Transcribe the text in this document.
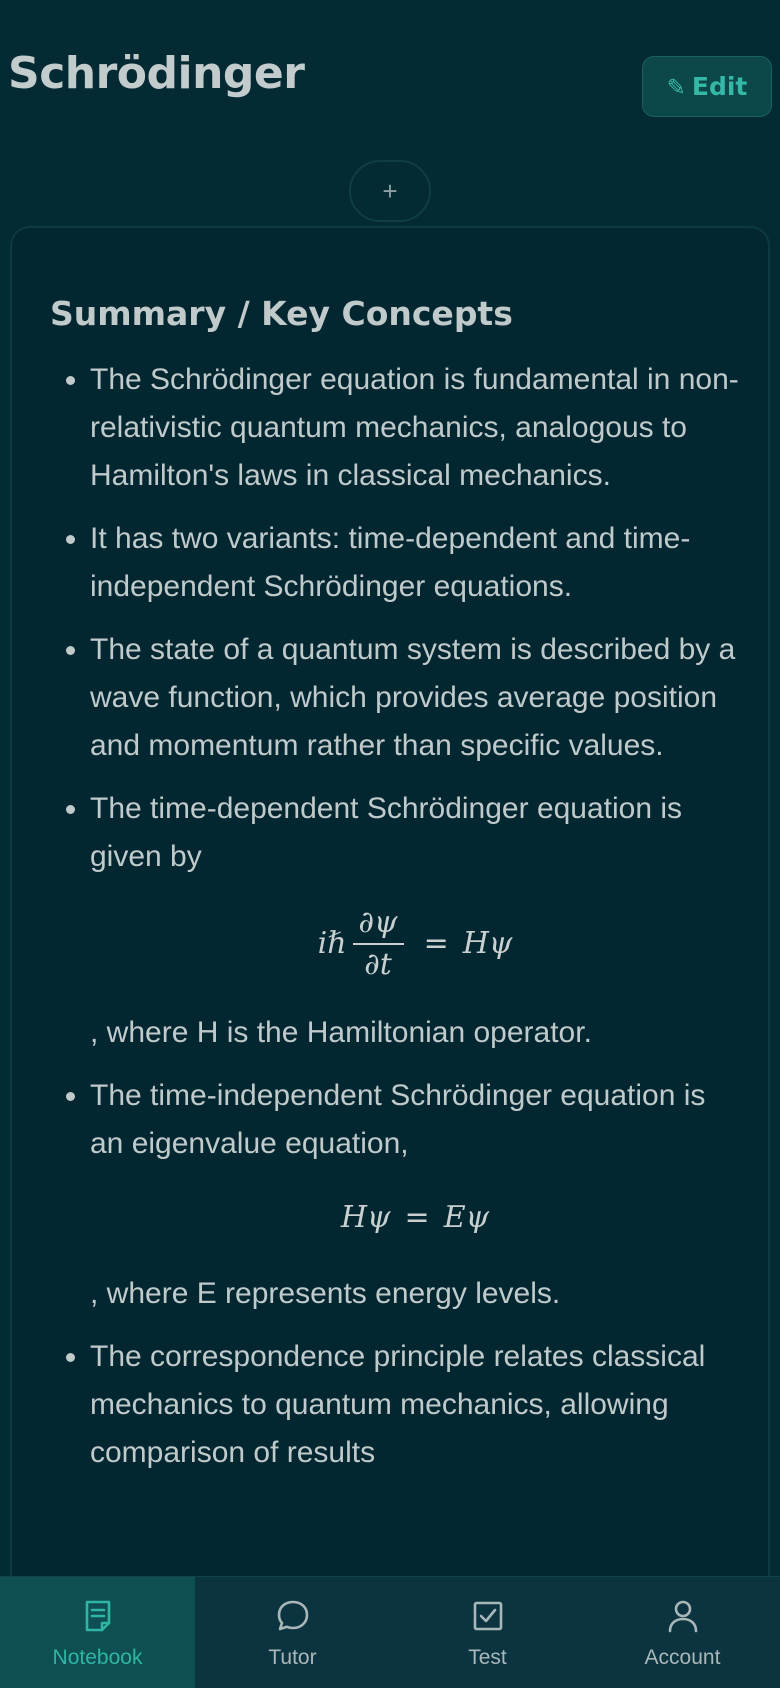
Schrödinger	✎ Edit
+
Summary / Key Concepts
The Schrödinger equation is fundamental in non-relativistic quantum mechanics, analogous to Hamilton's laws in classical mechanics.
It has two variants: time-dependent and time-independent Schrödinger equations.
The state of a quantum system is described by a wave function, which provides average position and momentum rather than specific values.
The time-dependent Schrödinger equation is given by
iℏ $\frac{\partial\psi}{\partial t} = H\psi$
, where H is the Hamiltonian operator.
The time-independent Schrödinger equation is an eigenvalue equation,
Hψ = Eψ
, where E represents energy levels.
The correspondence principle relates classical mechanics to quantum mechanics, allowing comparison of results
Notebook	Tutor	Test	Account
